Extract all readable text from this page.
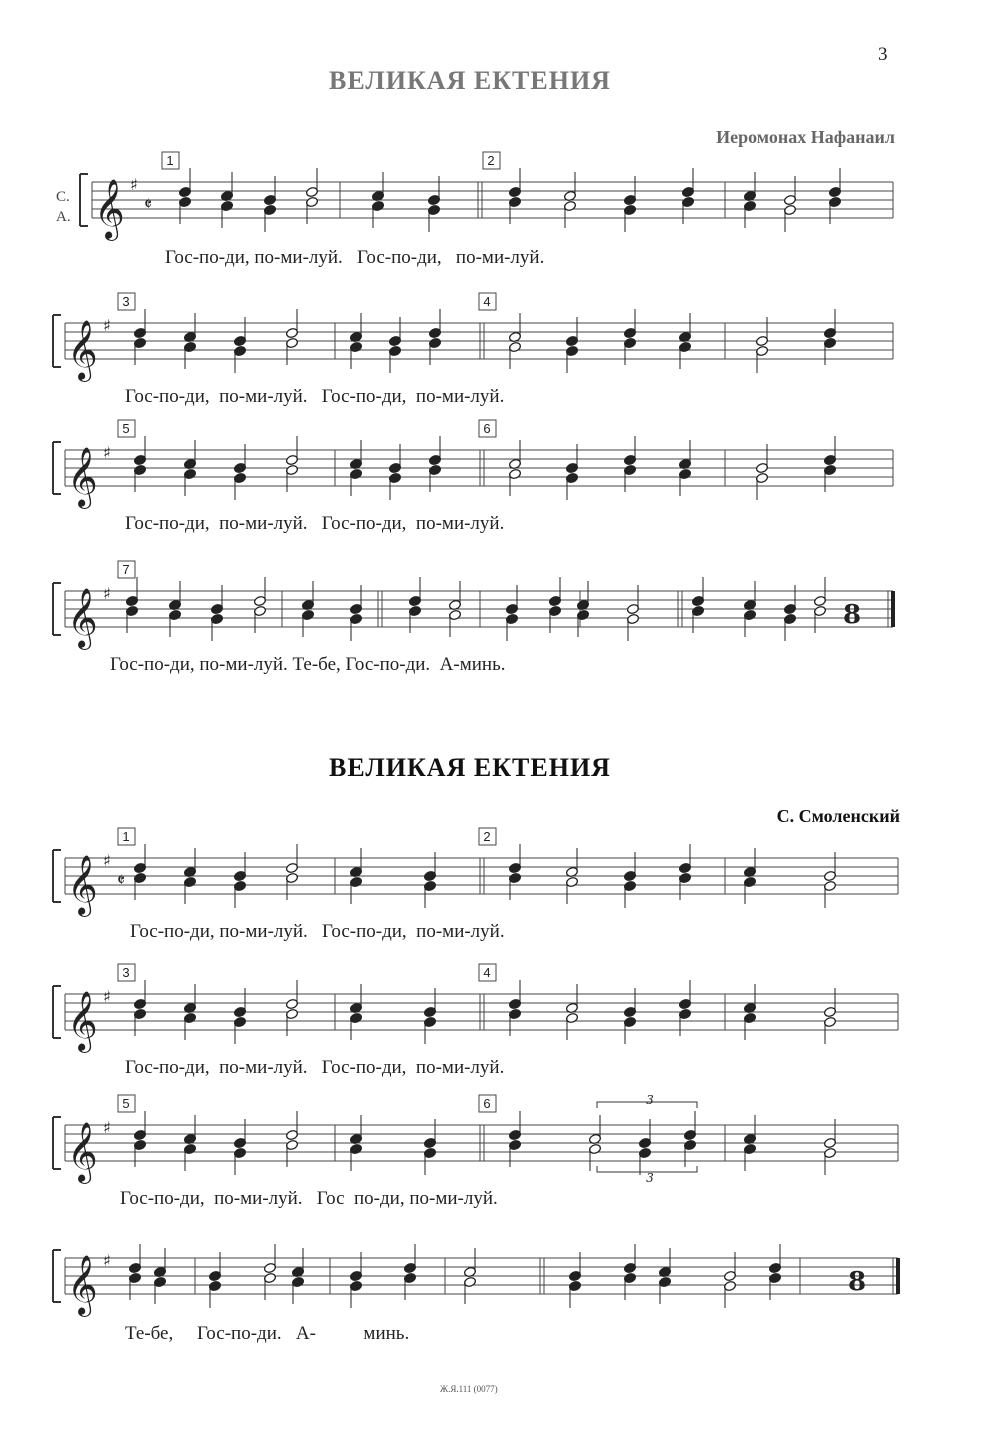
3
ВЕЛИКАЯ ЕКТЕНИЯ
Иеромонах Нафанаил
С.
А.
ВЕЛИКАЯ ЕКТЕНИЯ
С. Смоленский
Гос-по-ди, по-ми-луй.   Гос-по-ди,   по-ми-луй.
Гос-по-ди,  по-ми-луй.   Гос-по-ди,  по-ми-луй.
Гос-по-ди,  по-ми-луй.   Гос-по-ди,  по-ми-луй.
Гос-по-ди, по-ми-луй. Те-бе, Гос-по-ди.  А-минь.
Гос-по-ди, по-ми-луй.   Гос-по-ди,  по-ми-луй.
Гос-по-ди,  по-ми-луй.   Гос-по-ди,  по-ми-луй.
Гос-по-ди,  по-ми-луй.   Гос  по-ди, по-ми-луй.
Те-бе,     Гос-по-ди.   А-          минь.
Ж.Я.111 (0077)
𝄞 ♯
𝄵
1	2
𝄞 ♯
3	4
𝄞 ♯
5	6
𝄞 ♯
8
7
𝄞 ♯
𝄵
1	2
𝄞 ♯
3	4
𝄞 ♯
5	6
𝄞 ♯
8
3
3
